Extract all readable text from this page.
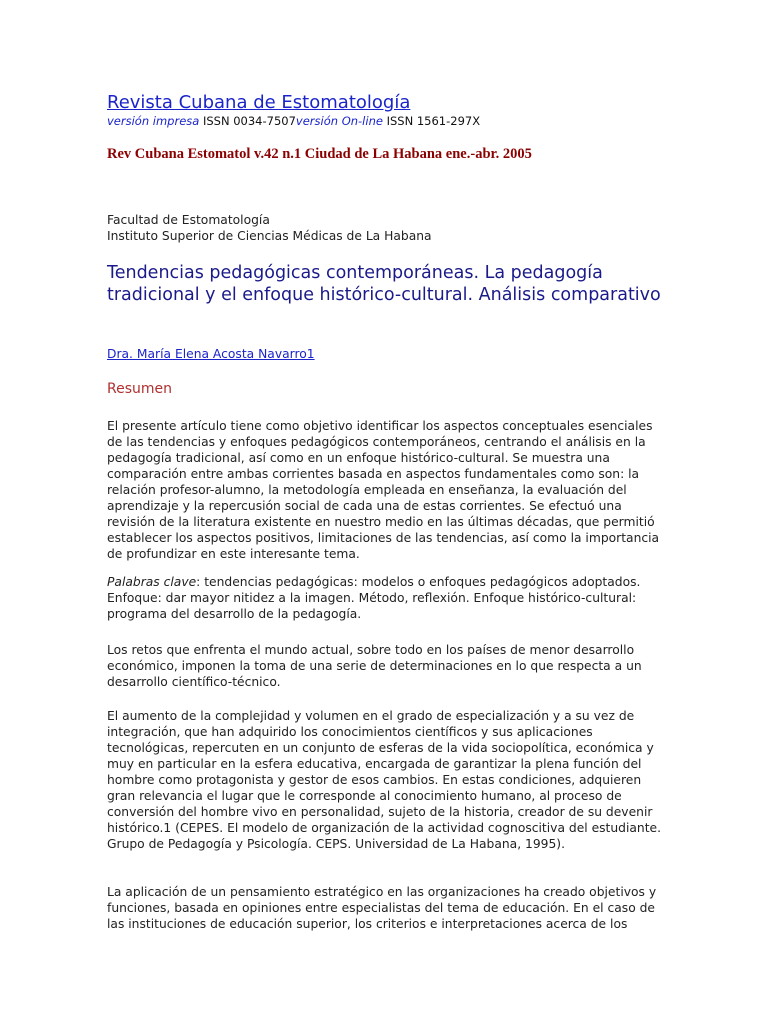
Revista Cubana de Estomatología
versión impresa ISSN 0034-7507versión On-line ISSN 1561-297X
Rev Cubana Estomatol v.42 n.1 Ciudad de La Habana ene.-abr. 2005
Facultad de Estomatología
Instituto Superior de Ciencias Médicas de La Habana
Tendencias pedagógicas contemporáneas. La pedagogía tradicional y el enfoque histórico-cultural. Análisis comparativo
Dra. María Elena Acosta Navarro1
Resumen

El presente artículo tiene como objetivo identificar los aspectos conceptuales esenciales de las tendencias y enfoques pedagógicos contemporáneos, centrando el análisis en la pedagogía tradicional, así como en un enfoque histórico-cultural. Se muestra una comparación entre ambas corrientes basada en aspectos fundamentales como son: la relación profesor-alumno, la metodología empleada en enseñanza, la evaluación del aprendizaje y la repercusión social de cada una de estas corrientes. Se efectuó una revisión de la literatura existente en nuestro medio en las últimas décadas, que permitió establecer los aspectos positivos, limitaciones de las tendencias, así como la importancia de profundizar en este interesante tema.

Palabras clave: tendencias pedagógicas: modelos o enfoques pedagógicos adoptados. Enfoque: dar mayor nitidez a la imagen. Método, reflexión. Enfoque histórico-cultural: programa del desarrollo de la pedagogía.

Los retos que enfrenta el mundo actual, sobre todo en los países de menor desarrollo económico, imponen la toma de una serie de determinaciones en lo que respecta a un desarrollo científico-técnico.

El aumento de la complejidad y volumen en el grado de especialización y a su vez de integración, que han adquirido los conocimientos científicos y sus aplicaciones tecnológicas, repercuten en un conjunto de esferas de la vida sociopolítica, económica y muy en particular en la esfera educativa, encargada de garantizar la plena función del hombre como protagonista y gestor de esos cambios. En estas condiciones, adquieren gran relevancia el lugar que le corresponde al conocimiento humano, al proceso de conversión del hombre vivo en personalidad, sujeto de la historia, creador de su devenir histórico.1 (CEPES. El modelo de organización de la actividad cognoscitiva del estudiante. Grupo de Pedagogía y Psicología. CEPS. Universidad de La Habana, 1995).

La aplicación de un pensamiento estratégico en las organizaciones ha creado objetivos y funciones, basada en opiniones entre especialistas del tema de educación. En el caso de las instituciones de educación superior, los criterios e interpretaciones acerca de los
